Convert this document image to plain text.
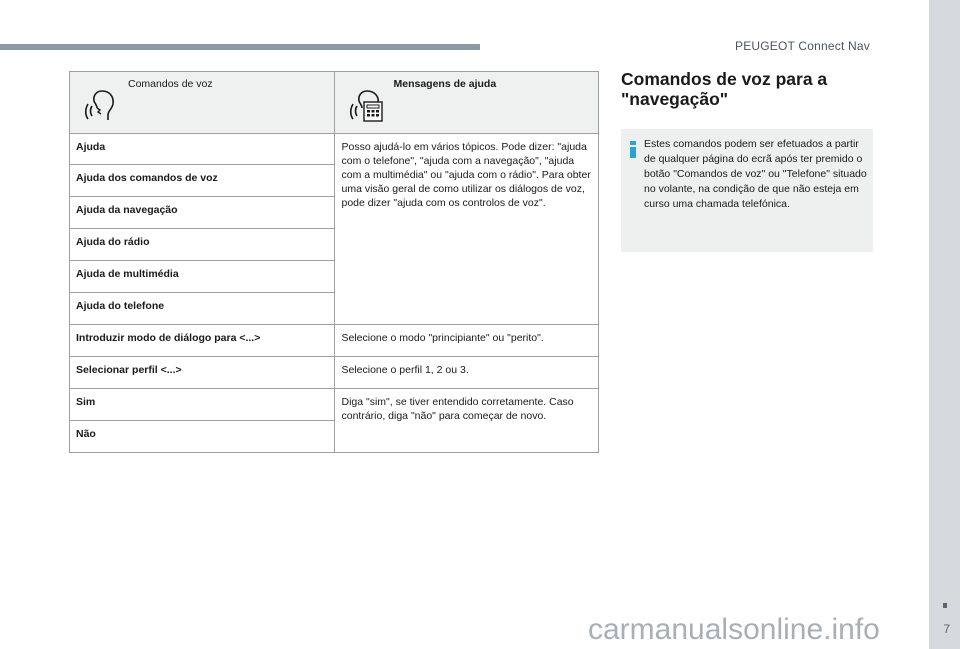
PEUGEOT Connect Nav
7
Comandos de voz	Mensagens de ajuda

Ajuda	Posso ajudá-lo em vários tópicos. Pode dizer: "ajuda com o telefone", "ajuda com a navegação", "ajuda com a multimédia" ou "ajuda com o rádio". Para obter uma visão geral de como utilizar os diálogos de voz, pode dizer "ajuda com os controlos de voz".
Ajuda dos comandos de voz	
Ajuda da navegação	
Ajuda do rádio	
Ajuda de multimédia	
Ajuda do telefone	
Introduzir modo de diálogo para <...>	Selecione o modo "principiante" ou "perito".
Selecionar perfil <...>	Selecione o perfil 1, 2 ou 3.
Sim	Diga "sim", se tiver entendido corretamente. Caso contrário, diga "não" para começar de novo.
Não	
Comandos de voz para a "navegação"
Estes comandos podem ser efetuados a partir de qualquer página do ecrã após ter premido o botão "Comandos de voz" ou "Telefone" situado no volante, na condição de que não esteja em curso uma chamada telefónica.
carmanualsonline.info
